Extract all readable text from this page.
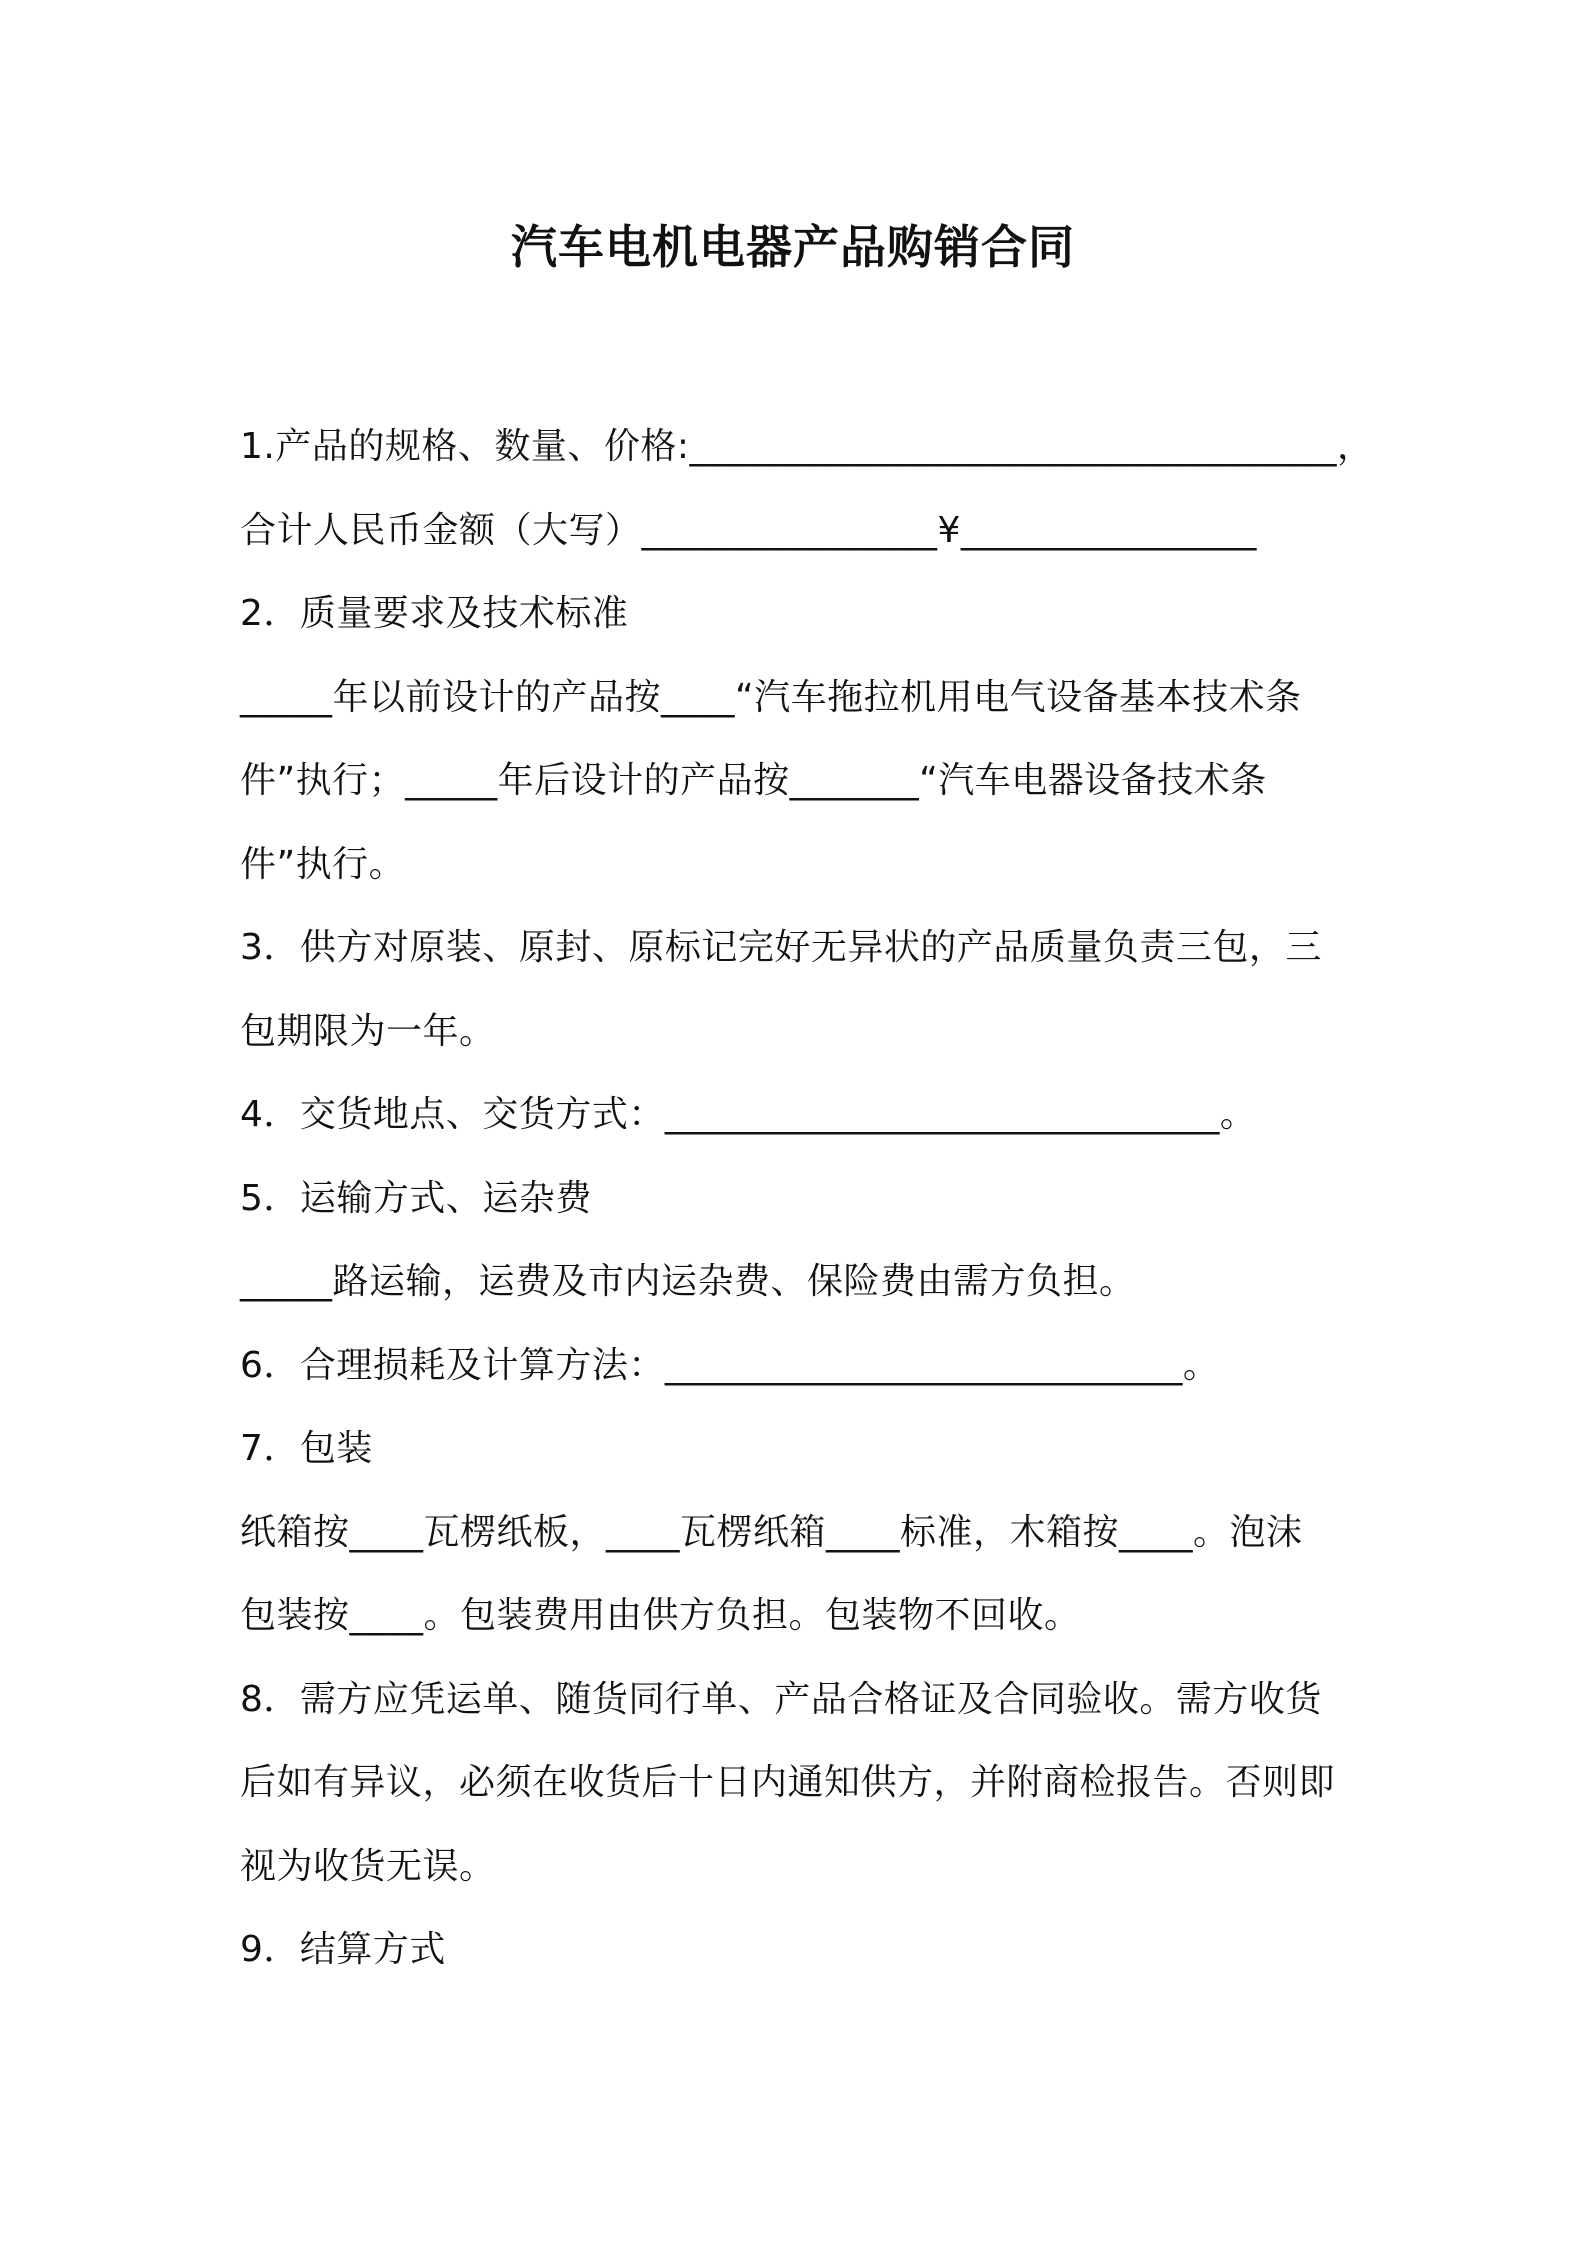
汽车电机电器产品购销合同
1.产品的规格、数量、价格:___________________________________，
合计人民币金额（大写）________________¥________________
2．质量要求及技术标准
_____年以前设计的产品按____“汽车拖拉机用电气设备基本技术条
件”执行；_____年后设计的产品按_______“汽车电器设备技术条
件”执行。
3．供方对原装、原封、原标记完好无异状的产品质量负责三包，三
包期限为一年。
4．交货地点、交货方式：______________________________。
5．运输方式、运杂费
_____路运输，运费及市内运杂费、保险费由需方负担。
6．合理损耗及计算方法：____________________________。
7．包装
纸箱按____瓦楞纸板，____瓦楞纸箱____标准，木箱按____。泡沫
包装按____。包装费用由供方负担。包装物不回收。
8．需方应凭运单、随货同行单、产品合格证及合同验收。需方收货
后如有异议，必须在收货后十日内通知供方，并附商检报告。否则即
视为收货无误。
9．结算方式
